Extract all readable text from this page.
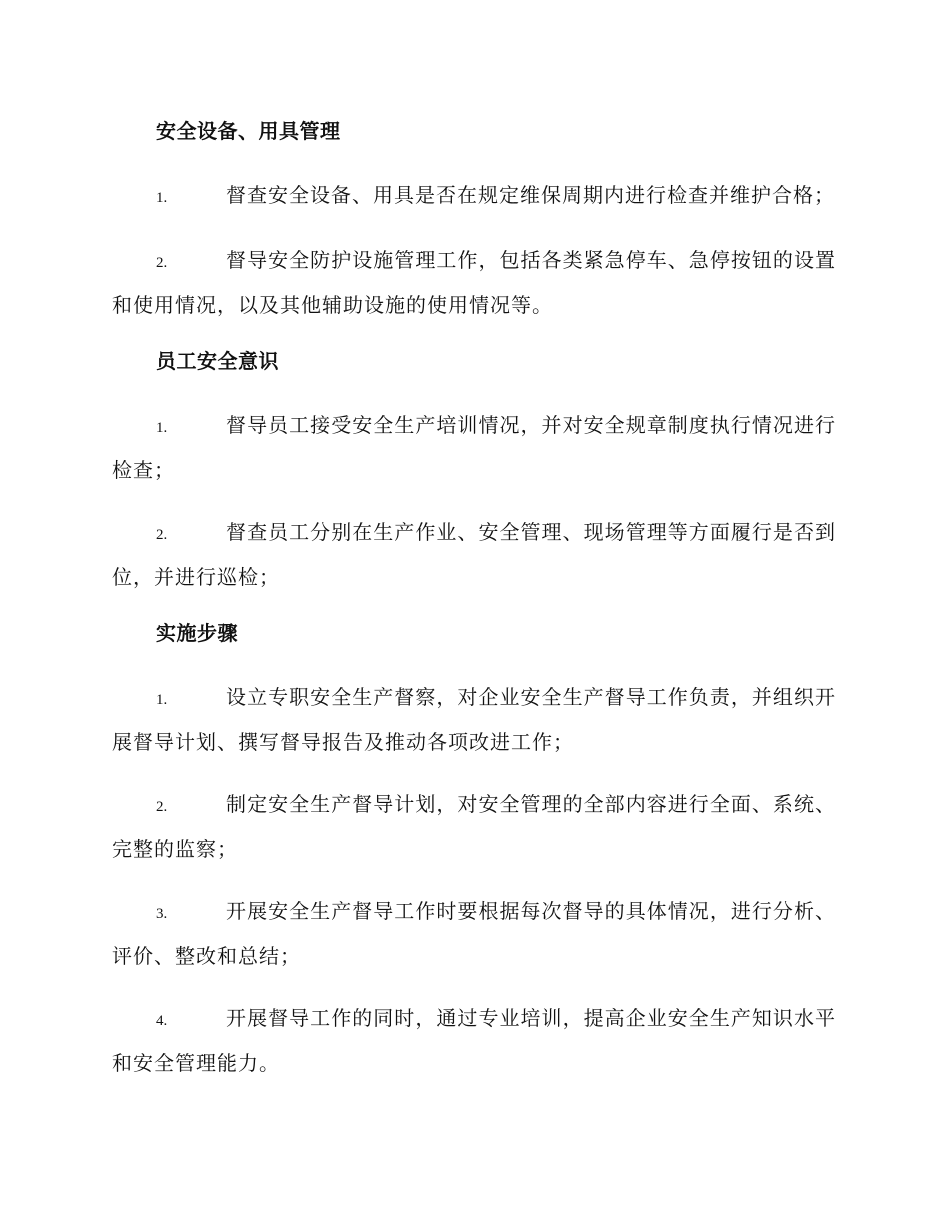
安全设备、用具管理

1.	督查安全设备、用具是否在规定维保周期内进行检查并维护合格；

2.	督导安全防护设施管理工作，包括各类紧急停车、急停按钮的设置和使用情况，以及其他辅助设施的使用情况等。

员工安全意识

1.	督导员工接受安全生产培训情况，并对安全规章制度执行情况进行检查；

2.	督查员工分别在生产作业、安全管理、现场管理等方面履行是否到位，并进行巡检；

实施步骤

1.	设立专职安全生产督察，对企业安全生产督导工作负责，并组织开展督导计划、撰写督导报告及推动各项改进工作；

2.	制定安全生产督导计划，对安全管理的全部内容进行全面、系统、完整的监察；

3.	开展安全生产督导工作时要根据每次督导的具体情况，进行分析、评价、整改和总结；

4.	开展督导工作的同时，通过专业培训，提高企业安全生产知识水平和安全管理能力。
